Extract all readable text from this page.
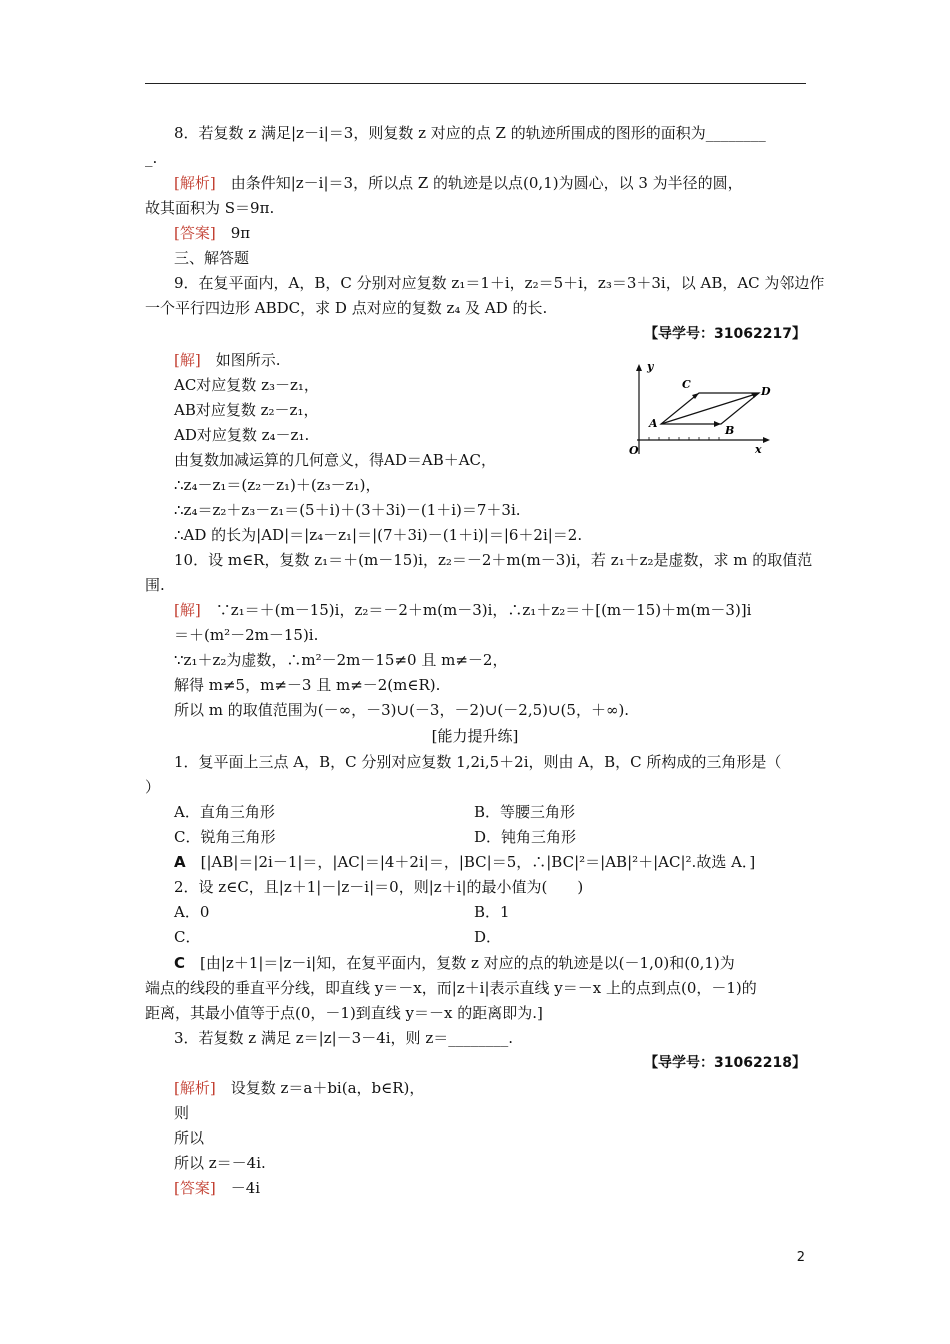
8．若复数 z 满足|z－i|＝3，则复数 z 对应的点 Z 的轨迹所围成的图形的面积为________
_.
[解析]　由条件知|z－i|＝3，所以点 Z 的轨迹是以点(0,1)为圆心，以 3 为半径的圆，
故其面积为 S＝9π.
[答案]　9π
三、解答题
9．在复平面内，A，B，C 分别对应复数 z₁＝1＋i，z₂＝5＋i，z₃＝3＋3i，以 AB，AC 为邻边作
一个平行四边形 ABDC，求 D 点对应的复数 z₄ 及 AD 的长.
【导学号：31062217】
[解]　如图所示.
AC对应复数 z₃－z₁，
AB对应复数 z₂－z₁，
AD对应复数 z₄－z₁.
由复数加减运算的几何意义，得AD＝AB＋AC，
∴z₄－z₁＝(z₂－z₁)＋(z₃－z₁)，
∴z₄＝z₂＋z₃－z₁＝(5＋i)＋(3＋3i)－(1＋i)＝7＋3i.
∴AD 的长为|AD|＝|z₄－z₁|＝|(7＋3i)－(1＋i)|＝|6＋2i|＝2.
y
x
O
A
B
C
D
10．设 m∈R，复数 z₁＝＋(m－15)i，z₂＝－2＋m(m－3)i，若 z₁＋z₂是虚数，求 m 的取值范
围.
[解]　∵z₁＝＋(m－15)i，z₂＝－2＋m(m－3)i，∴z₁＋z₂＝＋[(m－15)＋m(m－3)]i
＝＋(m²－2m－15)i.
∵z₁＋z₂为虚数，∴m²－2m－15≠0 且 m≠－2，
解得 m≠5，m≠－3 且 m≠－2(m∈R).
所以 m 的取值范围为(－∞，－3)∪(－3，－2)∪(－2,5)∪(5，＋∞).
[能力提升练]
1．复平面上三点 A，B，C 分别对应复数 1,2i,5＋2i，则由 A，B，C 所构成的三角形是（
）
A．直角三角形	B．等腰三角形
C．锐角三角形	D．钝角三角形
A　[|AB|＝|2i－1|＝，|AC|＝|4＋2i|＝，|BC|＝5，∴|BC|²＝|AB|²＋|AC|².故选 A．]
2．设 z∈C，且|z＋1|－|z－i|＝0，则|z＋i|的最小值为(　　)
A．0	B．1
C．	D．
C　[由|z＋1|＝|z－i|知，在复平面内，复数 z 对应的点的轨迹是以(－1,0)和(0,1)为
端点的线段的垂直平分线，即直线 y＝－x，而|z＋i|表示直线 y＝－x 上的点到点(0，－1)的
距离，其最小值等于点(0，－1)到直线 y＝－x 的距离即为.]
3．若复数 z 满足 z＝|z|－3－4i，则 z＝________.
【导学号：31062218】
[解析]　设复数 z＝a＋bi(a，b∈R)，
则
所以
所以 z＝－4i.
[答案]　－4i
2
